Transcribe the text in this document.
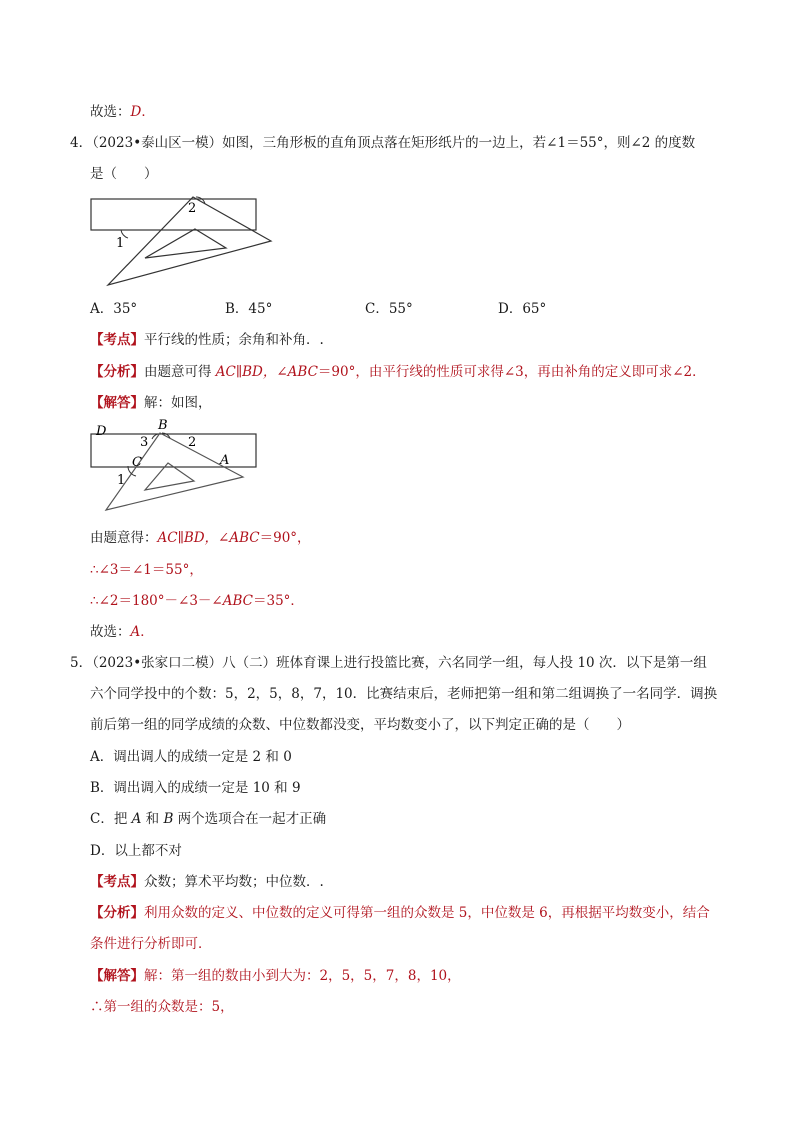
故选：D．
4．（2023•泰山区一模）如图，三角形板的直角顶点落在矩形纸片的一边上，若∠1＝55°，则∠2 的度数
是（　　）
2
1
A．35°	B．45°	C．55°	D．65°
【考点】平行线的性质；余角和补角．.
【分析】由题意可得 AC∥BD，∠ABC＝90°，由平行线的性质可求得∠3，再由补角的定义即可求∠2．
【解答】解：如图，
D	B
3	2
C	A
1
由题意得：AC∥BD，∠ABC＝90°，
∴∠3＝∠1＝55°，
∴∠2＝180°－∠3－∠ABC＝35°．
故选：A．
5．（2023•张家口二模）八（二）班体育课上进行投篮比赛，六名同学一组，每人投 10 次．以下是第一组
六个同学投中的个数：5，2，5，8，7，10．比赛结束后，老师把第一组和第二组调换了一名同学．调换
前后第一组的同学成绩的众数、中位数都没变，平均数变小了，以下判定正确的是（　　）
A．调出调人的成绩一定是 2 和 0
B．调出调入的成绩一定是 10 和 9
C．把 A 和 B 两个选项合在一起才正确
D．以上都不对
【考点】众数；算术平均数；中位数．.
【分析】利用众数的定义、中位数的定义可得第一组的众数是 5，中位数是 6，再根据平均数变小，结合
条件进行分析即可．
【解答】解：第一组的数由小到大为：2，5，5，7，8，10，
∴第一组的众数是：5，
